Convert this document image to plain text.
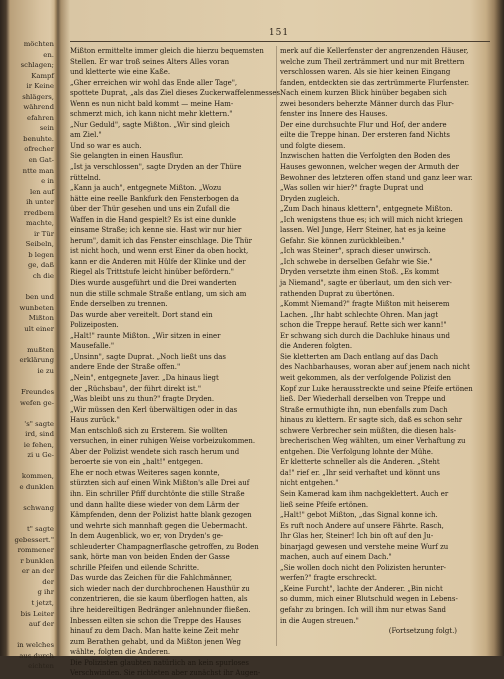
möchten
en.
schlagen;
Kampf
ir Keine
shlägers,
während
efahren
sein
benuhte.
ofrecher
en Gat-
ntte man
e in
len auf
ih unter
rredbem
machte,
ir Tür
Seibeln,
b legen
ge, daß
ch die
ben und
wunbeten
Mißton
ult einer
mußten
erklärung
ie zu
Freundes
wefen ge-
's" sagte
ird, sind
ie fehen,
zi u Ge-
kommen,
e dunklen
schwang
t" sagte
gebessert."
rommener
r bunklen
er an der
der
g ihr
t jetzt,
bis Leiter
auf der
in welches
aus durch
eichten
151
Mißton ermittelte immer gleich die hierzu bequemsten
Stellen. Er war troß seines Alters Alles voran
und kletterte wie eine Kaße.
„Gher erreichen wir wohl das Ende aller Tage",
spottete Duprat, „als das Ziel dieses Zuckerwaffelenmesses.
Wenn es nun nicht bald kommt — meine Ham-
schmerzt mich, ich kann nicht mehr klettern."
„Nur Geduld", sagte Mißton. „Wir sind gleich
am Ziel."
Und so war es auch.
Sie gelangten in einen Hausflur.
„Ist ja verschlossen", sagte Dryden an der Thüre
rüttelnd.
„Kann ja auch", entgegnete Mißton. „Wozu
hätte eine reelle Bankfurk den Fensterbogen da
über der Thür gesehen und uns ein Zufall die
Waffen in die Hand gespielt? Es ist eine dunkle
einsame Straße; ich kenne sie. Hast wir nur hier
herum", damit ich das Fenster einschlage. Die Thür
ist nicht hoch, und wenn erst Einer da oben hockt,
kann er die Anderen mit Hülfe der Klinke und der
Riegel als Trittstufe leicht hinüber befördern."
Dies wurde ausgeführt und die Drei wanderten
nun die stille schmale Straße entlang, um sich am
Ende derselben zu trennen.
Das wurde aber vereitelt. Dort stand ein
Polizeiposten.
„Halt!" raunte Mißton. „Wir sitzen in einer
Mausefalle."
„Unsinn", sagte Duprat. „Noch ließt uns das
andere Ende der Straße offen."
„Nein", entgegnete Javer. „Da hinaus liegt
der „Rüchsbau", der führt direkt ist."
„Was bleibt uns zu thun?" fragte Dryden.
„Wir müssen den Kerl überwältigen oder in das
Haus zurück."
Man entschloß sich zu Ersterem. Sie wollten
versuchen, in einer ruhigen Weise vorbeizukommen.
Aber der Polizist wendete sich rasch herum und
beroerte sie von ein „halt!" entgegen.
Ehe er noch etwas Weiteres sagen konnte,
stürzten sich auf einen Wink Mißton's alle Drei auf
ihn. Ein schriller Pfiff durchtönte die stille Straße
und dann hallte diese wieder von dem Lärm der
Kämpfenden, denn der Polizist hatte blank gezogen
und wehrte sich mannhaft gegen die Uebermacht.
In dem Augenblick, wo er, von Dryden's ge-
schleuderter Champagnerflasche getroffen, zu Boden
sank, hörte man von beiden Enden der Gasse
schrille Pfeifen und eilende Schritte.
Das wurde das Zeichen für die Fahlchmänner,
sich wieder nach der durchbrochenen Hausthür zu
conzentrieren, die sie kaum überflogen hatten, als
ihre heidereiltigen Bedränger anlehnunder fließen.
Inbessen eilten sie schon die Treppe des Hauses
hinauf zu dem Dach. Man hatte keine Zeit mehr
zum Berathen gehabt, und da Mißton jenen Weg
wählte, folgten die Anderen.
Die Polizisten glaubten natürlich an kein spurloses
Verschwinden. Sie richteten aber zunächst ihr Augen-
merk auf die Kellerfenster der angrenzenden Häuser,
welche zum Theil zerträmmert und nur mit Brettern
verschlossen waren. Als sie hier keinen Eingang
fanden, entdeckten sie das zertrümmerte Flurfenster.
Nach einem kurzen Blick hinüber begaben sich
zwei besonders beherzte Männer durch das Flur-
fenster ins Innere des Hauses.
Der eine durchsuchte Flur und Hof, der andere
eilte die Treppe hinan. Der ersteren fand Nichts
und folgte diesem.
Inzwischen hatten die Verfolgten den Boden des
Hauses gewonnen, welcher wegen der Armuth der
Bewohner des letzteren offen stand und ganz leer war.
„Was sollen wir hier?" fragte Duprat und
Dryden zugleich.
„Zum Dach hinaus klettern", entgegnete Mißton.
„Ich wenigstens thue es; ich will mich nicht kriegen
lassen. Wel Junge, Herr Steiner, hat es ja keine
Gefahr. Sie können zurückbleiben."
„Ich was Steiner", sprach dieser unwirsch.
„Ich schwebe in derselben Gefahr wie Sie."
Dryden versetzte ihm einen Stoß. „Es kommt
ja Niemand", sagte er überlaut, um den sich ver-
rathenden Duprat zu übertönen.
„Kommt Niemand?" fragte Mißton mit heiserem
Lachen. „Ihr habt schlechte Ohren. Man jagt
schon die Treppe herauf. Rette sich wer kann!"
Er schwang sich durch die Dachluke hinaus und
die Anderen folgten.
Sie kletterten am Dach entlang auf das Dach
des Nachbarhauses, woran aber auf jenem nach nicht
weit gekommen, als der verfolgende Polizist den
Kopf zur Luke herausstreckte und seine Pfeife ertönen
ließ. Der Wiederhall derselben von Treppe und
Straße ermuthigte ihn, nun ebenfalls zum Dach
hinaus zu klettern. Er sagte sich, daß es schon sehr
schwere Verbrecher sein müßten, die diesen hals-
brecherischen Weg wählten, um einer Verhaftung zu
entgehen. Die Verfolgung lohnte der Mühe.
Er kletterte schneller als die Anderen. „Steht
da!" rief er. „Ihr seid verhaftet und könnt uns
nicht entgehen."
Sein Kamerad kam ihm nachgeklettert. Auch er
ließ seine Pfeife ertönen.
„Halt!" gebot Mißton, „das Signal konne ich.
Es ruft noch Andere auf unsere Fährte. Rasch,
Ihr Glas her, Steiner! Ich bin oft auf den Ju-
binarjagd gewesen und verstehe meine Wurf zu
machen, auch auf einem Dach."
„Sie wollen doch nicht den Polizisten herunter-
werfen?" fragte erschreckt.
„Keine Furcht", lachte der Anderer. „Bin nicht
so dumm, mich einer Blutschuld wegen in Lebens-
gefahr zu bringen. Ich will ihm nur etwas Sand
in die Augen streuen."
(Fortsetzung folgt.)
